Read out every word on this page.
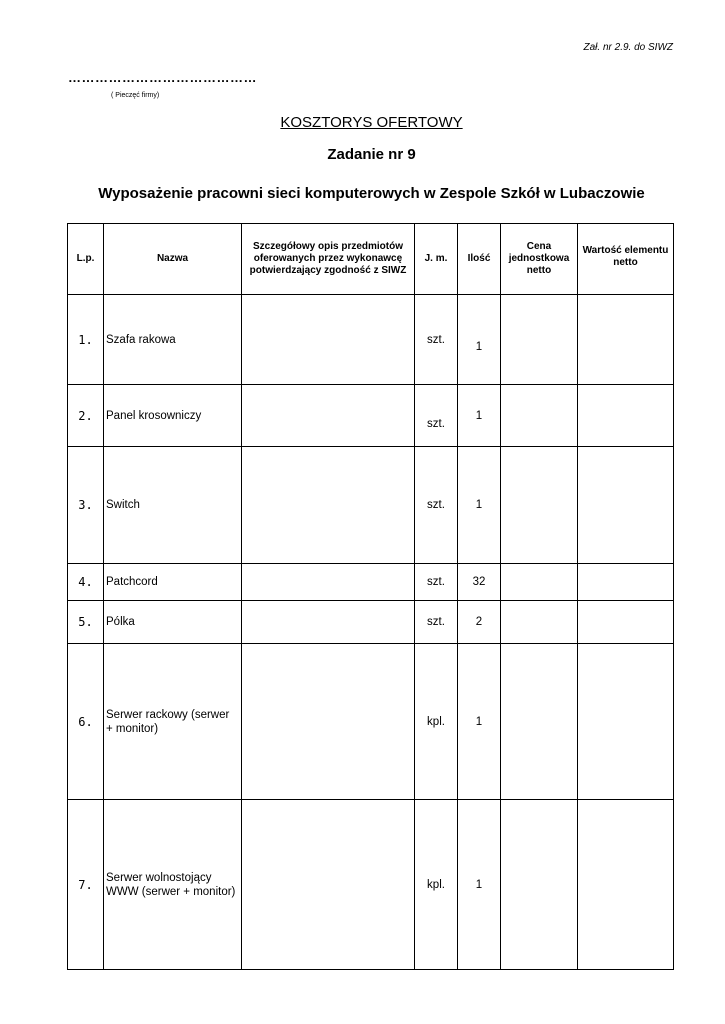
Zał. nr 2.9. do SIWZ
……………………………………
( Pieczęć firmy)
KOSZTORYS OFERTOWY
Zadanie nr 9
Wyposażenie pracowni sieci komputerowych w Zespole Szkół w Lubaczowie
L.p.	Nazwa	Szczegółowy opis przedmiotów oferowanych przez wykonawcę potwierdzający zgodność z SIWZ	J. m.	Ilość	Cena jednostkowa netto	Wartość elementu netto
1.	Szafa rakowa		szt.	1		
2.	Panel krosowniczy		szt.	1		
3.	Switch		szt.	1		
4.	Patchcord		szt.	32		
5.	Pólka		szt.	2		
6.	Serwer rackowy (serwer + monitor)		kpl.	1		
7.	Serwer wolnostojący WWW (serwer + monitor)		kpl.	1		
